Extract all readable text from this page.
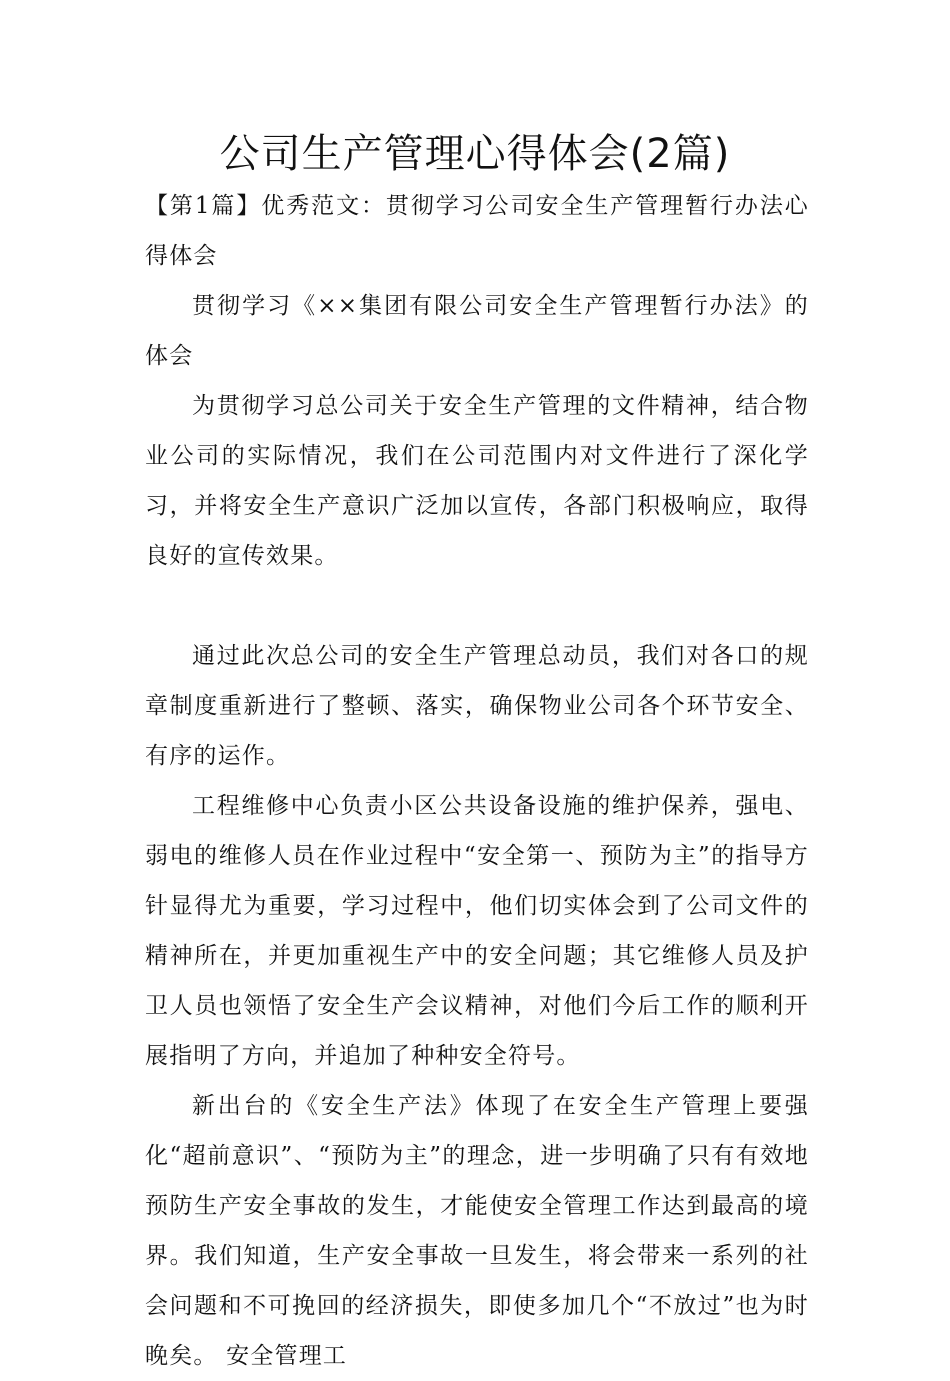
公司生产管理心得体会(2篇)

【第1篇】优秀范文：贯彻学习公司安全生产管理暂行办法心得体会

贯彻学习《××集团有限公司安全生产管理暂行办法》的体会

为贯彻学习总公司关于安全生产管理的文件精神，结合物业公司的实际情况，我们在公司范围内对文件进行了深化学习，并将安全生产意识广泛加以宣传，各部门积极响应，取得良好的宣传效果。

通过此次总公司的安全生产管理总动员，我们对各口的规章制度重新进行了整顿、落实，确保物业公司各个环节安全、有序的运作。

工程维修中心负责小区公共设备设施的维护保养，强电、弱电的维修人员在作业过程中“安全第一、预防为主”的指导方针显得尤为重要，学习过程中，他们切实体会到了公司文件的精神所在，并更加重视生产中的安全问题；其它维修人员及护卫人员也领悟了安全生产会议精神，对他们今后工作的顺利开展指明了方向，并追加了种种安全符号。

新出台的《安全生产法》体现了在安全生产管理上要强化“超前意识”、“预防为主”的理念，进一步明确了只有有效地预防生产安全事故的发生，才能使安全管理工作达到最高的境界。我们知道，生产安全事故一旦发生，将会带来一系列的社会问题和不可挽回的经济损失，即使多加几个“不放过”也为时晚矣。 安全管理工
